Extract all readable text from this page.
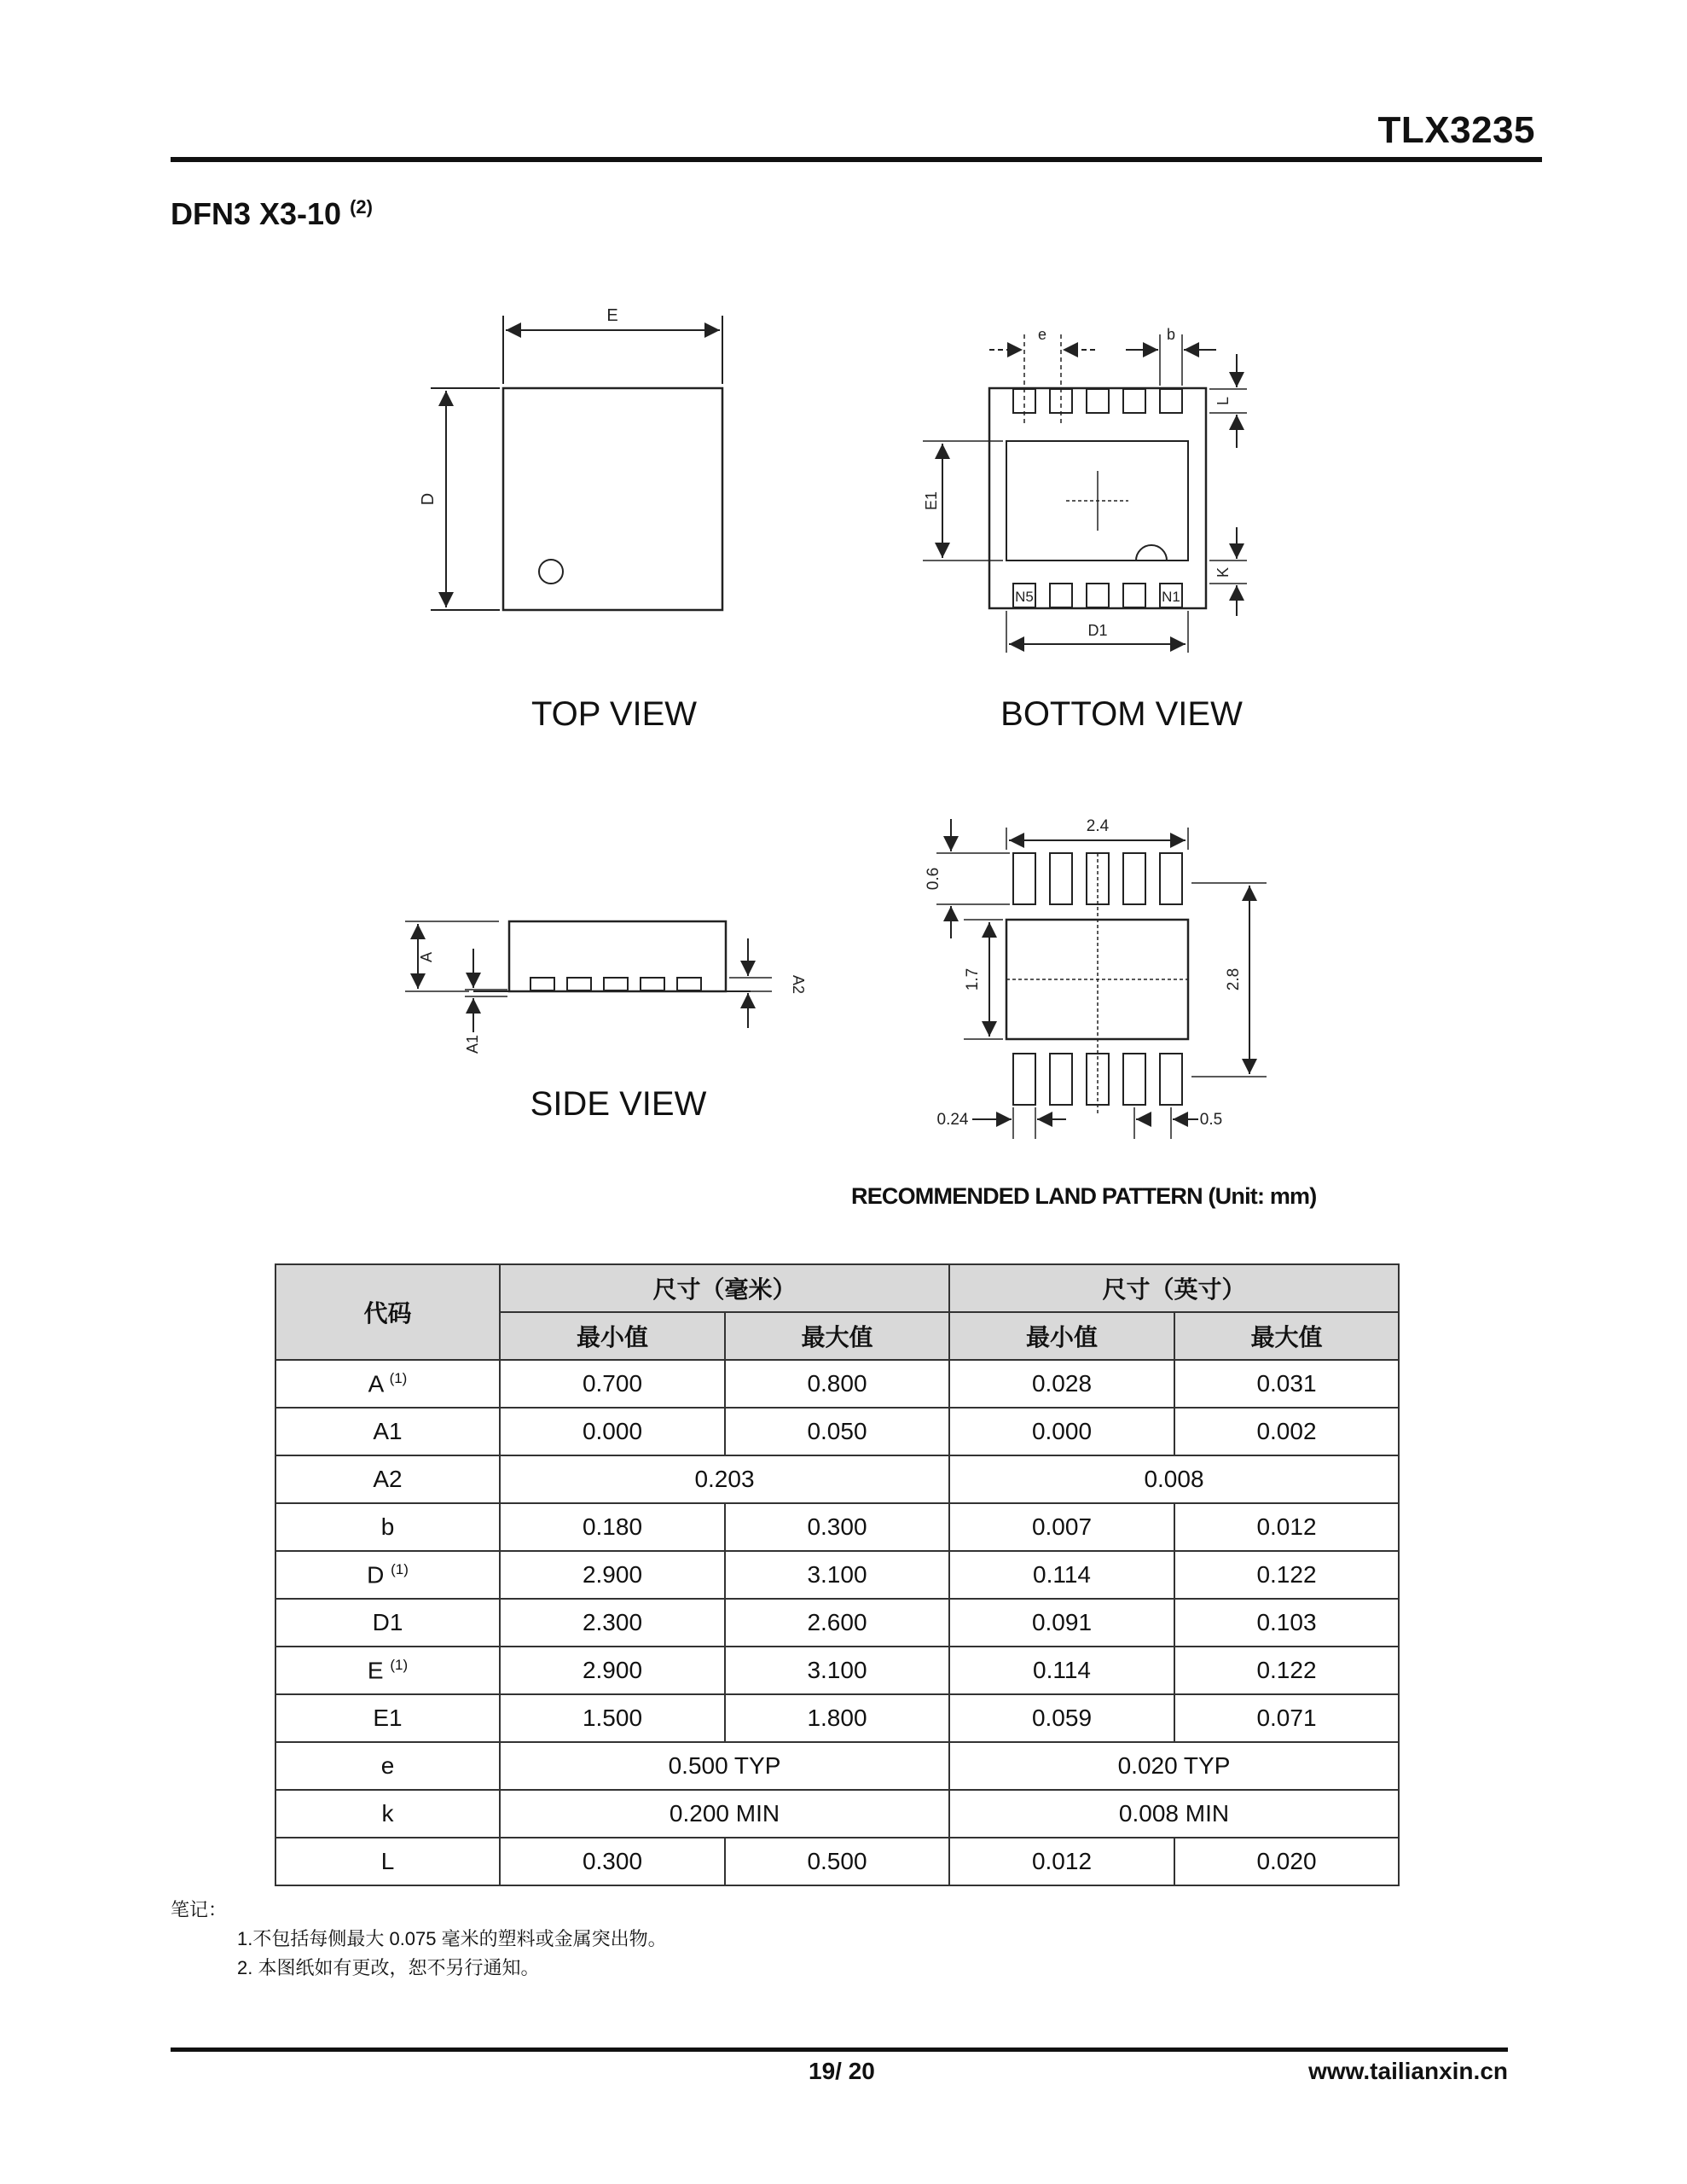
TLX3235
DFN3 X3-10 $^{(2)}$
E
D
e	b
L
K
E1
D1
N5	N1
A
A1
A2
2.4
0.6
1.7	2.8
0.24	0.5
TOP VIEW	BOTTOM VIEW
SIDE VIEW
RECOMMENDED LAND PATTERN (Unit: mm)
代码	尺寸（毫米）		尺寸（英寸）	
	最小值	最大值	最小值	最大值
A $^{(1)}$	0.700	0.800	0.028	0.031
A1	0.000	0.050	0.000	0.002
A2	0.203		0.008	
b	0.180	0.300	0.007	0.012
D $^{(1)}$	2.900	3.100	0.114	0.122
D1	2.300	2.600	0.091	0.103
E $^{(1)}$	2.900	3.100	0.114	0.122
E1	1.500	1.800	0.059	0.071
e	0.500 TYP		0.020 TYP	
k	0.200 MIN		0.008 MIN	
L	0.300	0.500	0.012	0.020
笔记：
1.不包括每侧最大 0.075 毫米的塑料或金属突出物。
2. 本图纸如有更改，恕不另行通知。
19/ 20	www.tailianxin.cn
